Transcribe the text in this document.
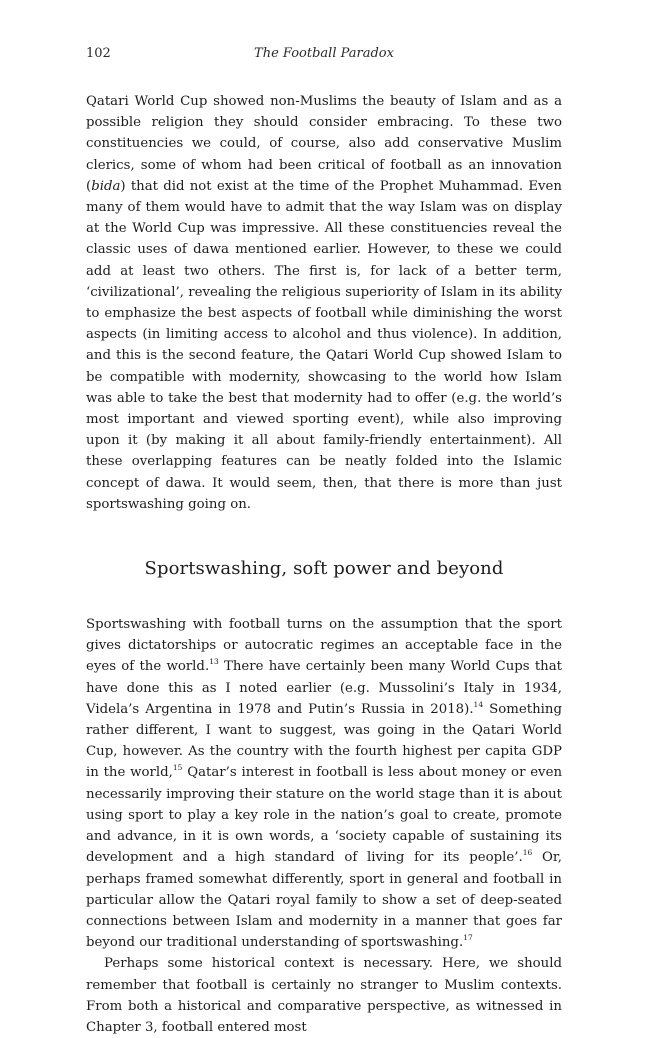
102	The Football Paradox

Qatari World Cup showed non-Muslims the beauty of Islam and as a possible religion they should consider embracing. To these two constituencies we could, of course, also add conservative Muslim clerics, some of whom had been critical of football as an innovation (bida) that did not exist at the time of the Prophet Muhammad. Even many of them would have to admit that the way Islam was on display at the World Cup was impressive. All these constituencies reveal the classic uses of dawa mentioned earlier. However, to these we could add at least two others. The first is, for lack of a better term, ‘civilizational’, revealing the religious superiority of Islam in its ability to emphasize the best aspects of football while diminishing the worst aspects (in limiting access to alcohol and thus violence). In addition, and this is the second feature, the Qatari World Cup showed Islam to be compatible with modernity, showcasing to the world how Islam was able to take the best that modernity had to offer (e.g. the world’s most important and viewed sporting event), while also improving upon it (by making it all about family-friendly entertainment). All these overlapping features can be neatly folded into the Islamic concept of dawa. It would seem, then, that there is more than just sportswashing going on.

Sportswashing, soft power and beyond

Sportswashing with football turns on the assumption that the sport gives dictatorships or autocratic regimes an acceptable face in the eyes of the world.$^{13}$ There have certainly been many World Cups that have done this as I noted earlier (e.g. Mussolini’s Italy in 1934, Videla’s Argentina in 1978 and Putin’s Russia in 2018).$^{14}$ Something rather different, I want to suggest, was going in the Qatari World Cup, however. As the country with the fourth highest per capita GDP in the world,$^{15}$ Qatar’s interest in football is less about money or even necessarily improving their stature on the world stage than it is about using sport to play a key role in the nation’s goal to create, promote and advance, in it is own words, a ‘society capable of sustaining its development and a high standard of living for its people’.$^{16}$ Or, perhaps framed somewhat differently, sport in general and football in particular allow the Qatari royal family to show a set of deep-seated connections between Islam and modernity in a manner that goes far beyond our traditional understanding of sportswashing.$^{17}$

Perhaps some historical context is necessary. Here, we should remember that football is certainly no stranger to Muslim contexts. From both a historical and comparative perspective, as witnessed in Chapter 3, football entered most
